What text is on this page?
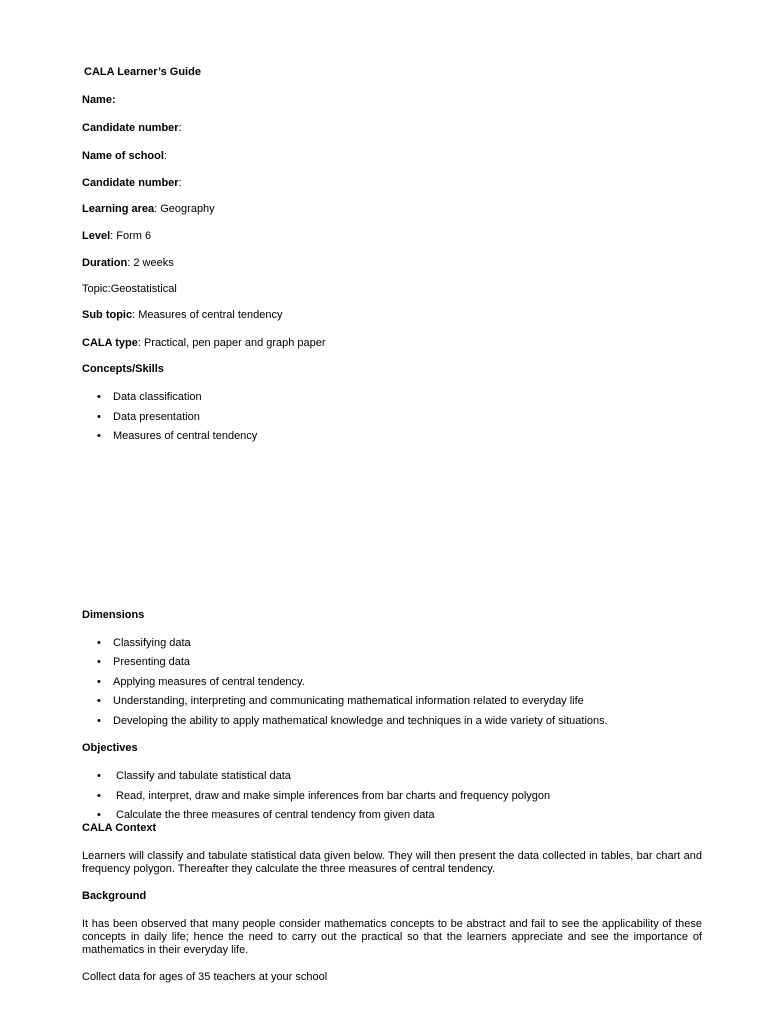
CALA Learner’s Guide
Name:
Candidate number:
Name of school:
Candidate number:
Learning area: Geography
Level: Form 6
Duration: 2 weeks
Topic:Geostatistical
Sub topic: Measures of central tendency
CALA type: Practical, pen paper and graph paper
Concepts/Skills
• Data classification
• Data presentation
• Measures of central tendency
Dimensions
• Classifying data
• Presenting data
• Applying measures of central tendency.
• Understanding, interpreting and communicating mathematical information related to everyday life
• Developing the ability to apply mathematical knowledge and techniques in a wide variety of situations.
Objectives
• Classify and tabulate statistical data
• Read, interpret, draw and make simple inferences from bar charts and frequency polygon
• Calculate the three measures of central tendency from given data
CALA Context
Learners will classify and tabulate statistical data given below. They will then present the data collected in tables, bar chart and frequency polygon. Thereafter they calculate the three measures of central tendency.
Background
It has been observed that many people consider mathematics concepts to be abstract and fail to see the applicability of these concepts in daily life; hence the need to carry out the practical so that the learners appreciate and see the importance of mathematics in their everyday life.
Collect data for ages of 35 teachers at your school
